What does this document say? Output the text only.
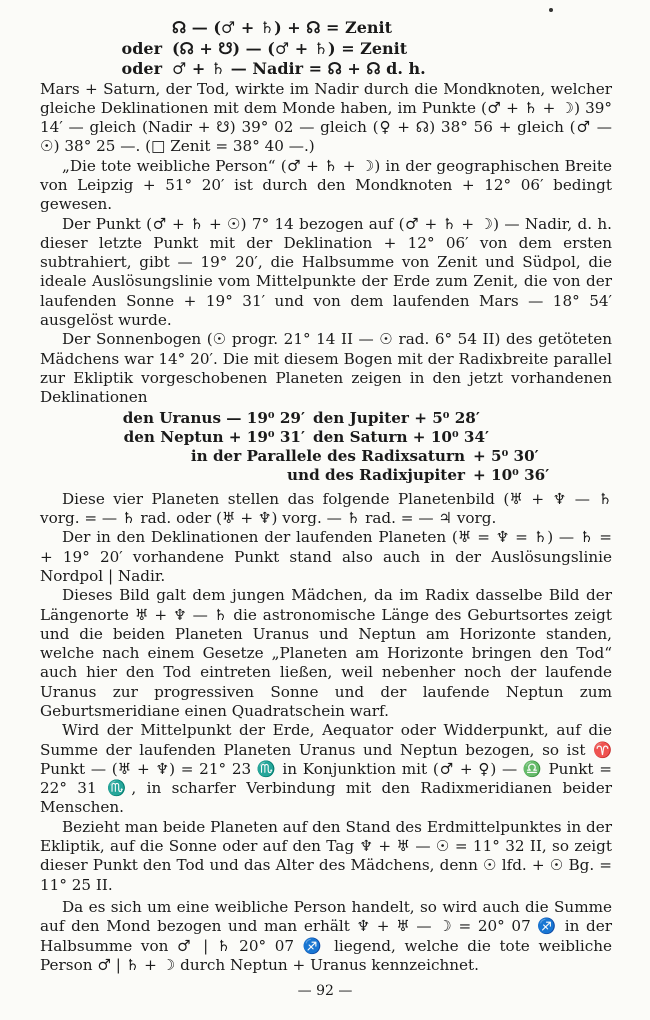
☊ — (♂ + ♄) + ☊ = Zenit
oder (☊ + ☋) — (♂ + ♄) = Zenit
oder ♂ + ♄ — Nadir = ☊ + ☊ d. h.

Mars + Saturn, der Tod, wirkte im Nadir durch die Mondknoten, welcher gleiche Deklinationen mit dem Monde haben, im Punkte (♂ + ♄ + ☽) 39° 14′ — gleich (Nadir + ☋) 39° 02 — gleich (♀ + ☊) 38° 56 + gleich (♂ — ☉) 38° 25 —. (□ Zenit = 38° 40 —.)

„Die tote weibliche Person“ (♂ + ♄ + ☽) in der geographischen Breite von Leipzig + 51° 20′ ist durch den Mondknoten + 12° 06′ bedingt gewesen.

Der Punkt (♂ + ♄ + ☉) 7° 14 bezogen auf (♂ + ♄ + ☽) — Nadir, d. h. dieser letzte Punkt mit der Deklination + 12° 06′ von dem ersten subtrahiert, gibt — 19° 20′, die Halbsumme von Zenit und Südpol, die ideale Auslösungslinie vom Mittelpunkte der Erde zum Zenit, die von der laufenden Sonne + 19° 31′ und von dem laufenden Mars — 18° 54′ ausgelöst wurde.

Der Sonnenbogen (☉ progr. 21° 14 II — ☉ rad. 6° 54 II) des getöteten Mädchens war 14° 20′. Die mit diesem Bogen mit der Radixbreite parallel zur Ekliptik vorgeschobenen Planeten zeigen in den jetzt vorhandenen Deklinationen

den Uranus — 19⁰ 29′ den Jupiter + 5⁰ 28′
den Neptun + 19⁰ 31′ den Saturn + 10⁰ 34′
in der Parallele des Radixsaturn + 5⁰ 30′
und des Radixjupiter + 10⁰ 36′

Diese vier Planeten stellen das folgende Planetenbild (♅ + ♆ — ♄ vorg. = — ♄ rad. oder (♅ + ♆) vorg. — ♄ rad. = — ♃ vorg.

Der in den Deklinationen der laufenden Planeten (♅ = ♆ = ♄) — ♄ = + 19° 20′ vorhandene Punkt stand also auch in der Auslösungslinie Nordpol | Nadir.

Dieses Bild galt dem jungen Mädchen, da im Radix dasselbe Bild der Längenorte ♅ + ♆ — ♄ die astronomische Länge des Geburtsortes zeigt und die beiden Planeten Uranus und Neptun am Horizonte standen, welche nach einem Gesetze „Planeten am Horizonte bringen den Tod“ auch hier den Tod eintreten ließen, weil nebenher noch der laufende Uranus zur progressiven Sonne und der laufende Neptun zum Geburtsmeridiane einen Quadratschein warf.

Wird der Mittelpunkt der Erde, Aequator oder Widderpunkt, auf die Summe der laufenden Planeten Uranus und Neptun bezogen, so ist ♈ Punkt — (♅ + ♆) = 21° 23 ♏ in Konjunktion mit (♂ + ♀) — ♎ Punkt = 22° 31 ♏, in scharfer Verbindung mit den Radixmeridianen beider Menschen.

Bezieht man beide Planeten auf den Stand des Erdmittelpunktes in der Ekliptik, auf die Sonne oder auf den Tag ♆ + ♅ — ☉ = 11° 32 II, so zeigt dieser Punkt den Tod und das Alter des Mädchens, denn ☉ lfd. + ☉ Bg. = 11° 25 II.

Da es sich um eine weibliche Person handelt, so wird auch die Summe auf den Mond bezogen und man erhält ♆ + ♅ — ☽ = 20° 07 ♐ in der Halbsumme von ♂ | ♄ 20° 07 ♐ liegend, welche die tote weibliche Person ♂ | ♄ + ☽ durch Neptun + Uranus kennzeichnet.

— 92 —
